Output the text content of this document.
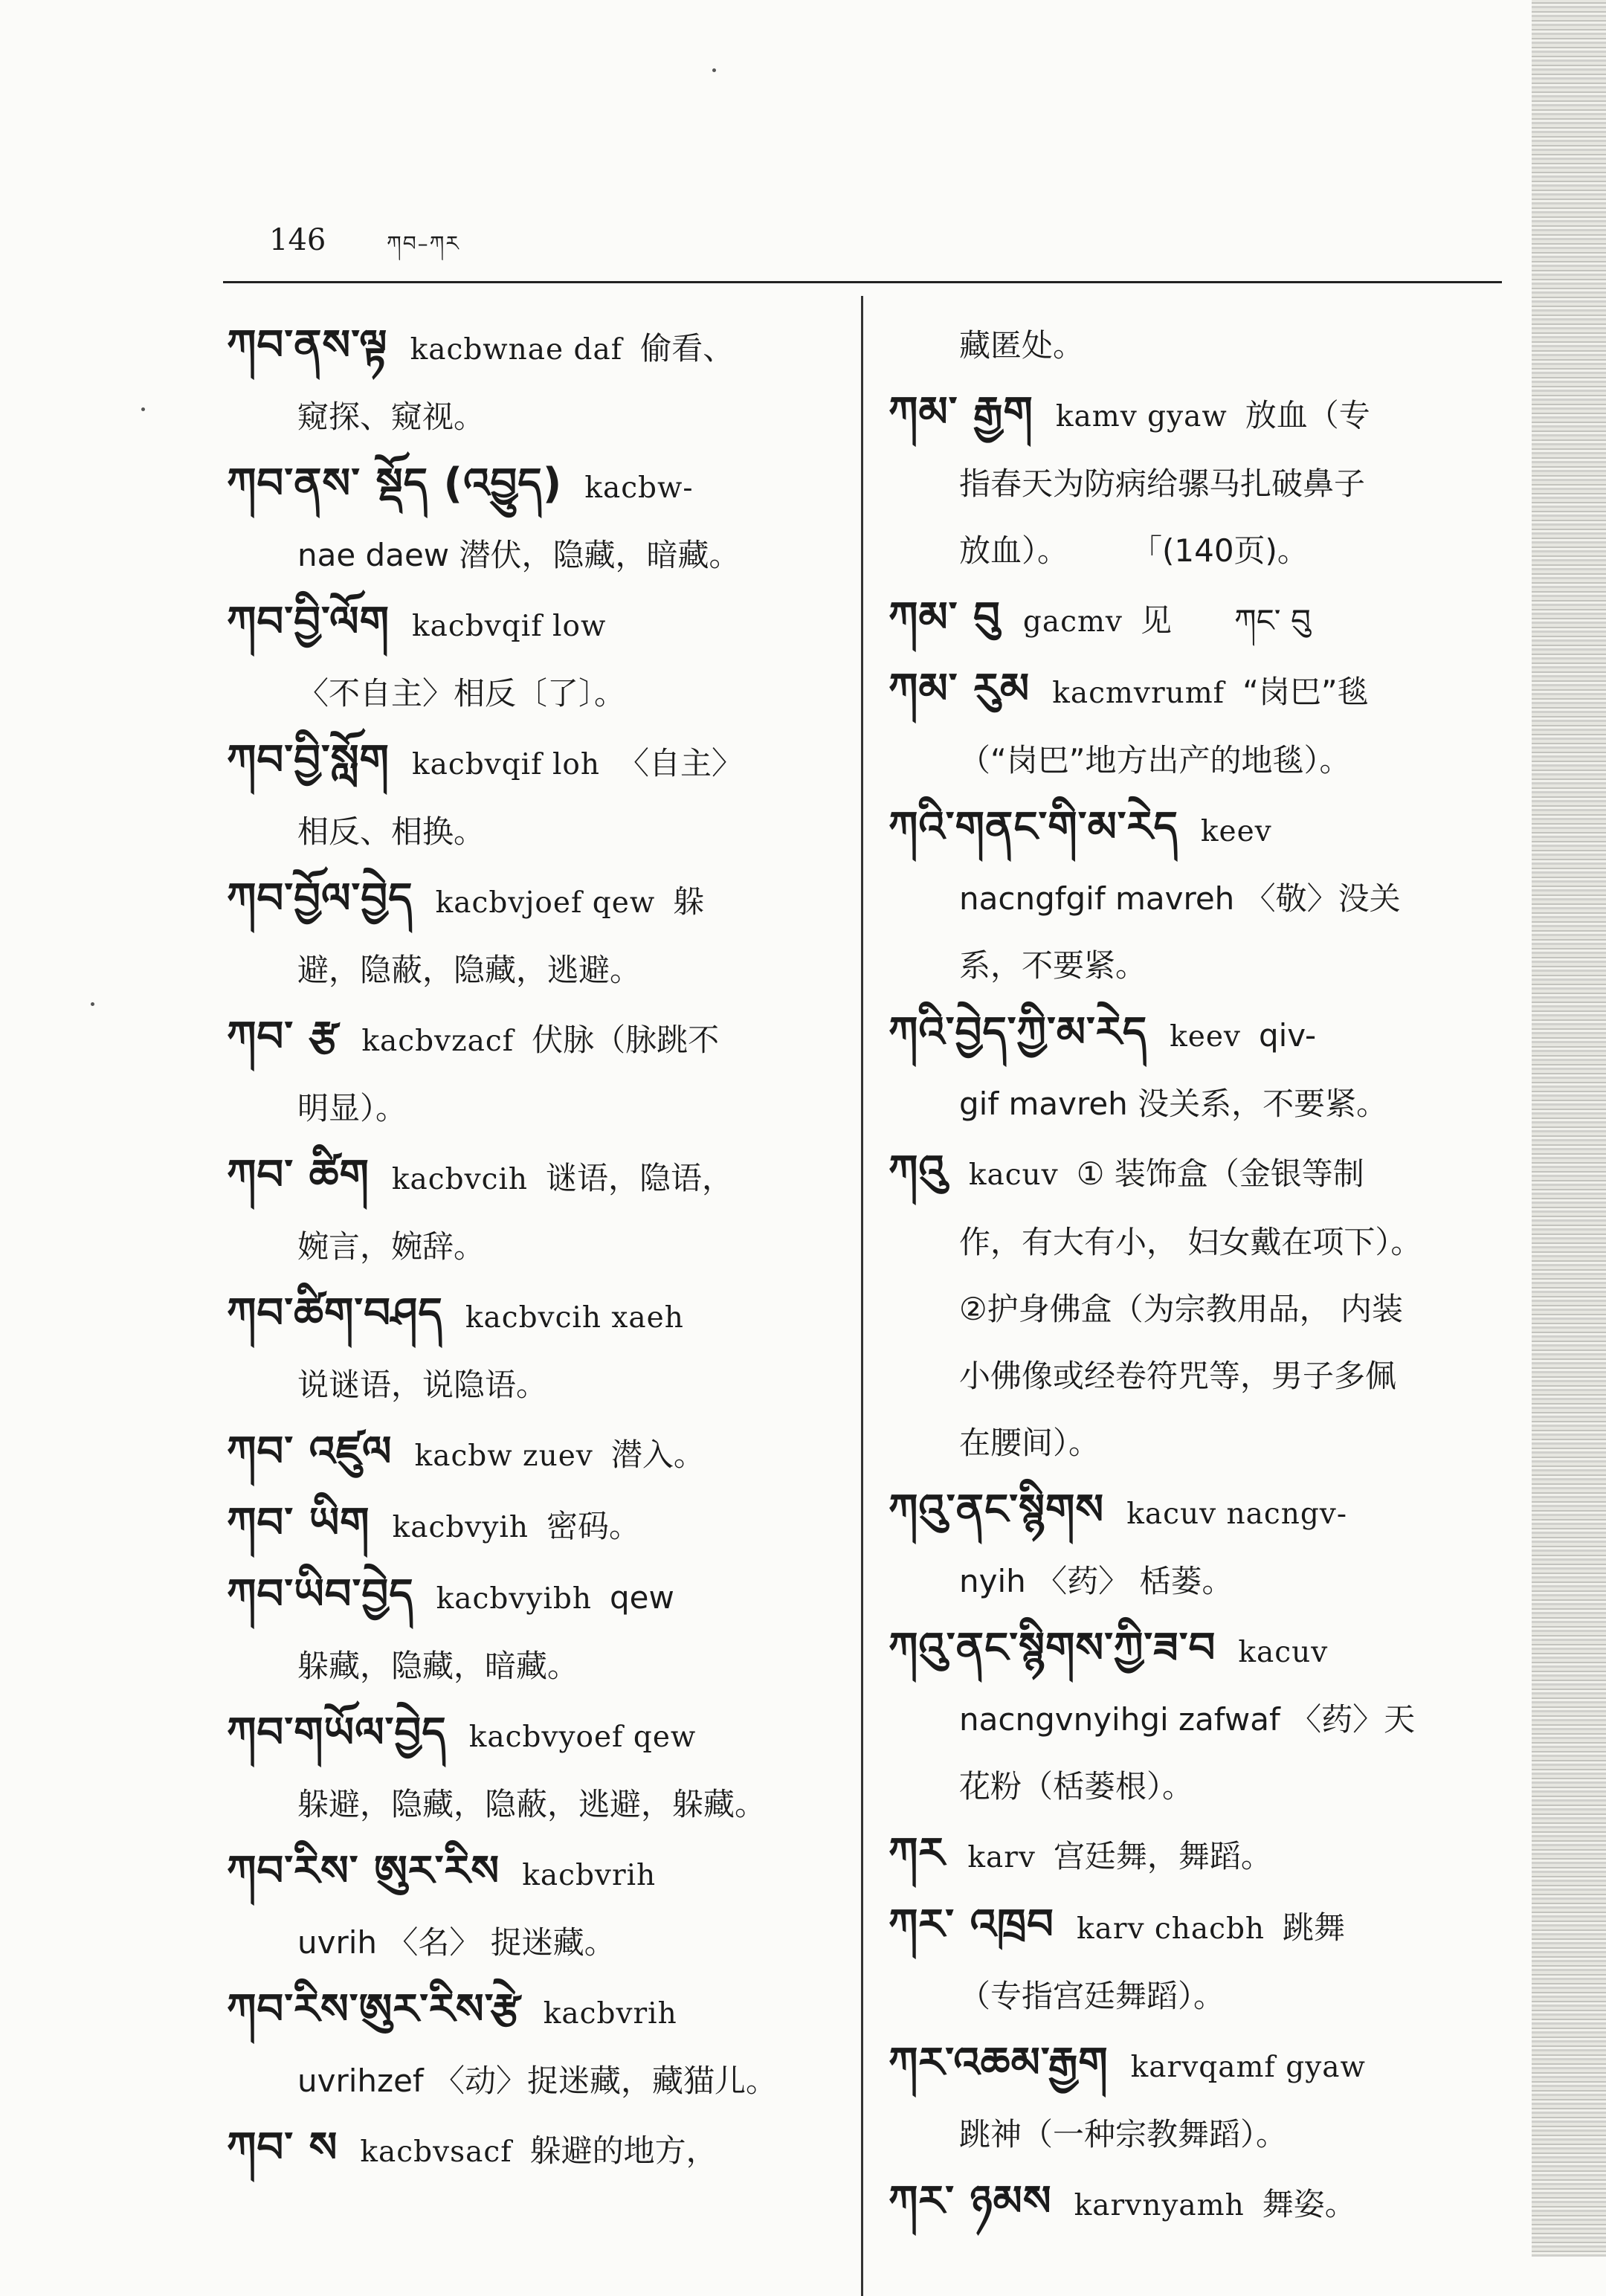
146	ཀབ–ཀར
ཀབ་ནས་ལྟ kacbwnae daf 偷看、
窥探、窥视。
ཀབ་ནས་ སྡོད (འབྱུད) kacbw-
nae daew 潜伏，隐藏，暗藏。
ཀབ་བྱི་ལོག kacbvqif low
〈不自主〉相反〔了〕。
ཀབ་བྱི་སློག kacbvqif loh 〈自主〉
相反、相换。
ཀབ་བྱོལ་བྱེད kacbvjoef qew 躲
避，隐蔽，隐藏，逃避。
ཀབ་ རྩ kacbvzacf 伏脉（脉跳不
明显）。
ཀབ་ ཚིག kacbvcih 谜语，隐语，
婉言，婉辞。
ཀབ་ཚིག་བཤད kacbvcih xaeh
说谜语，说隐语。
ཀབ་ འཛུལ kacbw zuev 潜入。
ཀབ་ ཡིག kacbvyih 密码。
ཀབ་ཡིབ་བྱེད kacbvyibh qew
躲藏，隐藏，暗藏。
ཀབ་གཡོལ་བྱེད kacbvyoef qew
躲避，隐藏，隐蔽，逃避，躲藏。
ཀབ་རིས་ ཨུར་རིས kacbvrih
uvrih 〈名〉 捉迷藏。
ཀབ་རིས་ཨུར་རིས་རྩེ kacbvrih
uvrihzef 〈动〉捉迷藏，藏猫儿。
ཀབ་ ས kacbvsacf 躲避的地方，
藏匿处。
ཀམ་ རྒྱག kamv gyaw 放血（专
指春天为防病给骡马扎破鼻子
放血）。　　　「(140页)。
ཀམ་ བུ gacmv 见　　ཀང་ བུ
ཀམ་ རུམ kacmvrumf “岗巴”毯
（“岗巴”地方出产的地毯）。
ཀའི་གནང་གི་མ་རེད keev
nacngfgif mavreh 〈敬〉没关
系，不要紧。
ཀའི་བྱེད་ཀྱི་མ་རེད keev qiv-
gif mavreh 没关系，不要紧。
ཀའུ kacuv ① 装饰盒（金银等制
作，有大有小， 妇女戴在项下）。
②护身佛盒（为宗教用品， 内装
小佛像或经卷符咒等，男子多佩
在腰间）。
ཀའུ་ནང་སྙིགས kacuv nacngv-
nyih 〈药〉 栝蒌。
ཀའུ་ནང་སྙིགས་ཀྱི་ཟ་བ kacuv
nacngvnyihgi zafwaf 〈药〉天
花粉（栝蒌根）。
ཀར karv 宫廷舞，舞蹈。
ཀར་ འཁྲབ karv chacbh 跳舞
（专指宫廷舞蹈）。
ཀར་འཆམ་རྒྱག karvqamf gyaw
跳神（一种宗教舞蹈）。
ཀར་ ཉམས karvnyamh 舞姿。
